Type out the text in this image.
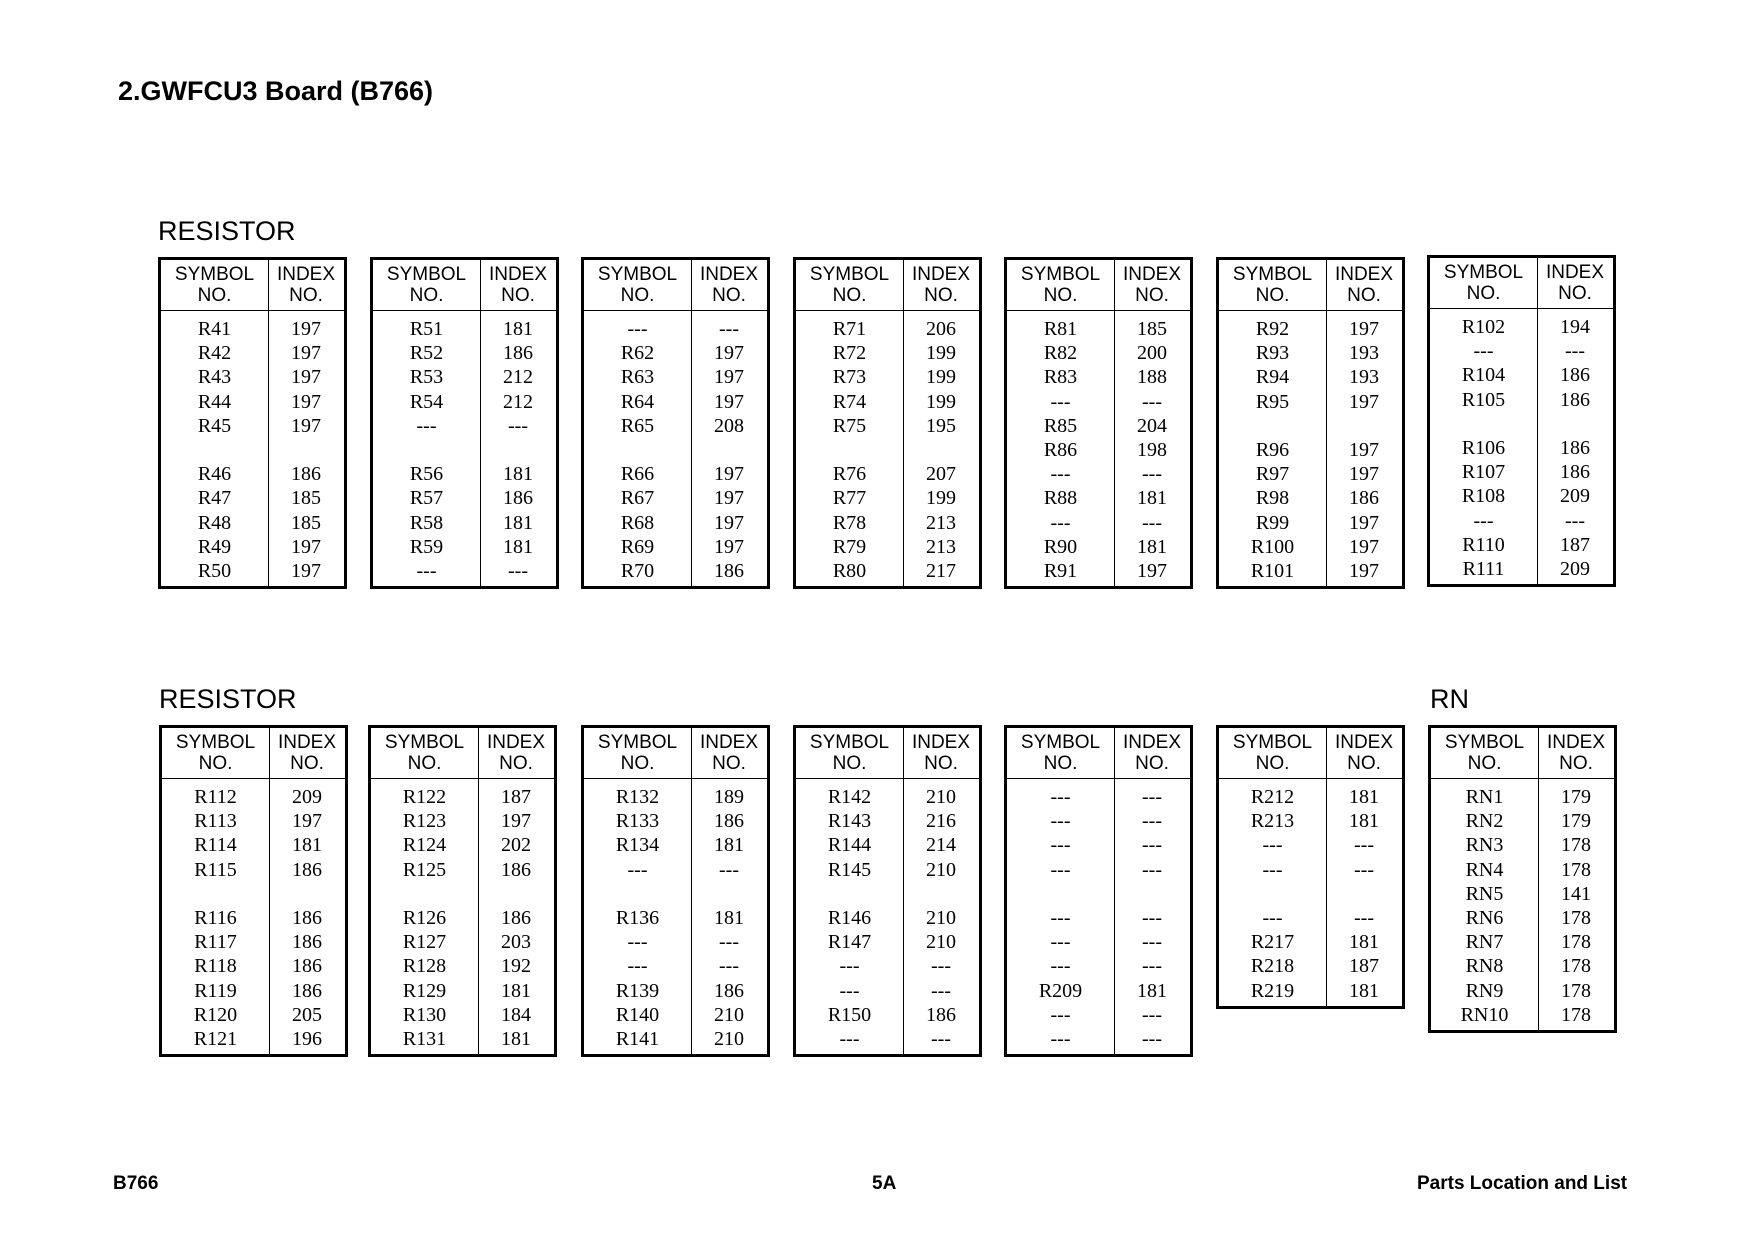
2.GWFCU3 Board (B766)
RESISTOR
RESISTOR	RN
SYMBOL
NO.
INDEX
NO.
R41	197
R42	197
R43	197
R44	197
R45	197
R46	186
R47	185
R48	185
R49	197
R50	197
SYMBOL
NO.
INDEX
NO.
R51	181
R52	186
R53	212
R54	212
---	---
R56	181
R57	186
R58	181
R59	181
---	---
SYMBOL
NO.
INDEX
NO.
---	---
R62	197
R63	197
R64	197
R65	208
R66	197
R67	197
R68	197
R69	197
R70	186
SYMBOL
NO.
INDEX
NO.
R71	206
R72	199
R73	199
R74	199
R75	195
R76	207
R77	199
R78	213
R79	213
R80	217
SYMBOL
NO.
INDEX
NO.
R81	185
R82	200
R83	188
---	---
R85	204
R86	198
---	---
R88	181
---	---
R90	181
R91	197
SYMBOL
NO.
INDEX
NO.
R92	197
R93	193
R94	193
R95	197
R96	197
R97	197
R98	186
R99	197
R100	197
R101	197
SYMBOL
NO.
INDEX
NO.
R102	194
---	---
R104	186
R105	186
R106	186
R107	186
R108	209
---	---
R110	187
R111	209
SYMBOL
NO.
INDEX
NO.
R112	209
R113	197
R114	181
R115	186
R116	186
R117	186
R118	186
R119	186
R120	205
R121	196
SYMBOL
NO.
INDEX
NO.
R122	187
R123	197
R124	202
R125	186
R126	186
R127	203
R128	192
R129	181
R130	184
R131	181
SYMBOL
NO.
INDEX
NO.
R132	189
R133	186
R134	181
---	---
R136	181
---	---
---	---
R139	186
R140	210
R141	210
SYMBOL
NO.
INDEX
NO.
R142	210
R143	216
R144	214
R145	210
R146	210
R147	210
---	---
---	---
R150	186
---	---
SYMBOL
NO.
INDEX
NO.
---	---
---	---
---	---
---	---
---	---
---	---
---	---
R209	181
---	---
---	---
SYMBOL
NO.
INDEX
NO.
R212	181
R213	181
---	---
---	---
---	---
R217	181
R218	187
R219	181
SYMBOL
NO.
INDEX
NO.
RN1	179
RN2	179
RN3	178
RN4	178
RN5	141
RN6	178
RN7	178
RN8	178
RN9	178
RN10	178
B766	5A	Parts Location and List
